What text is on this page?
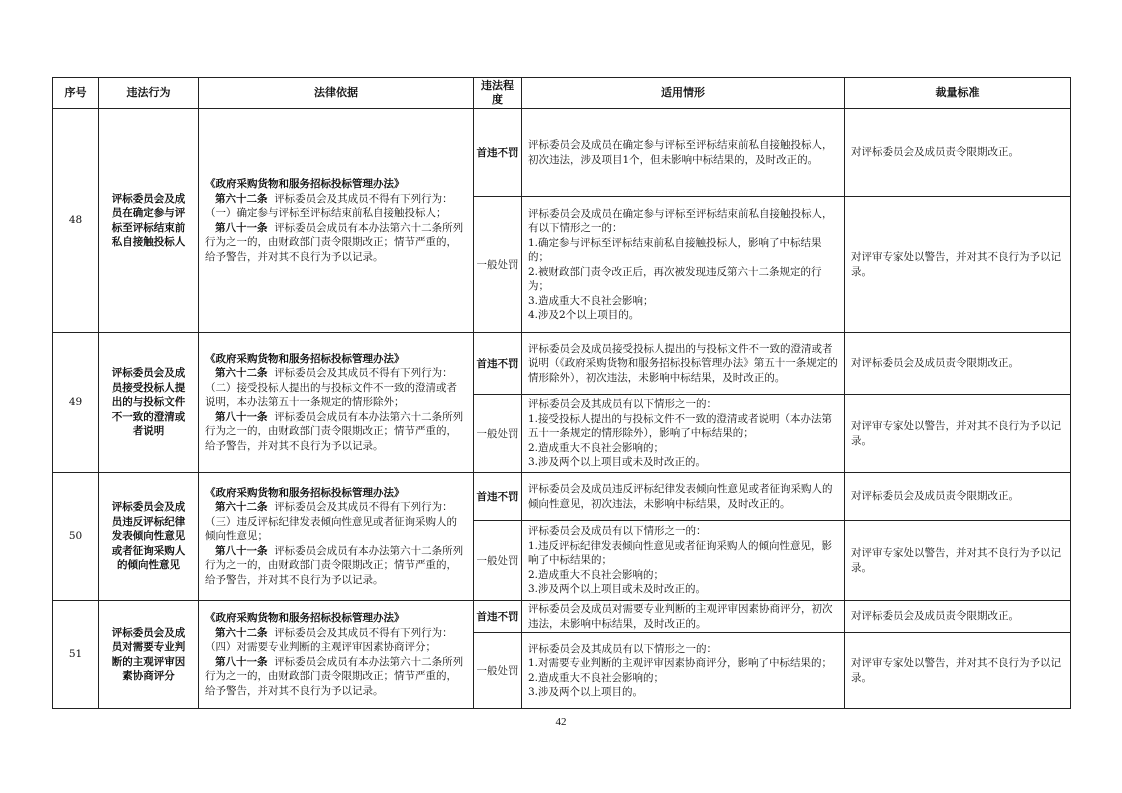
序号	违法行为	法律依据	违法程度	适用情形	裁量标准
48	评标委员会及成员在确定参与评标至评标结束前私自接触投标人	《政府采购货物和服务招标投标管理办法》
第六十二条 评标委员会及其成员不得有下列行为：
（一）确定参与评标至评标结束前私自接触投标人；
第八十一条 评标委员会成员有本办法第六十二条所列行为之一的，由财政部门责令限期改正；情节严重的，给予警告，并对其不良行为予以记录。	首违不罚	评标委员会及成员在确定参与评标至评标结束前私自接触投标人，初次违法，涉及项目1个，但未影响中标结果的，及时改正的。	对评标委员会及成员责令限期改正。
			一般处罚	评标委员会及成员在确定参与评标至评标结束前私自接触投标人，有以下情形之一的：
1.确定参与评标至评标结束前私自接触投标人，影响了中标结果的；
2.被财政部门责令改正后，再次被发现违反第六十二条规定的行为；
3.造成重大不良社会影响；
4.涉及2个以上项目的。	对评审专家处以警告，并对其不良行为予以记录。
49	评标委员会及成员接受投标人提出的与投标文件不一致的澄清或者说明	《政府采购货物和服务招标投标管理办法》
第六十二条 评标委员会及其成员不得有下列行为：
（二）接受投标人提出的与投标文件不一致的澄清或者说明，本办法第五十一条规定的情形除外；
第八十一条 评标委员会成员有本办法第六十二条所列行为之一的，由财政部门责令限期改正；情节严重的，给予警告，并对其不良行为予以记录。	首违不罚	评标委员会及成员接受投标人提出的与投标文件不一致的澄清或者说明（《政府采购货物和服务招标投标管理办法》第五十一条规定的情形除外），初次违法，未影响中标结果，及时改正的。	对评标委员会及成员责令限期改正。
			一般处罚	评标委员会及其成员有以下情形之一的：
1.接受投标人提出的与投标文件不一致的澄清或者说明（本办法第五十一条规定的情形除外），影响了中标结果的；
2.造成重大不良社会影响的；
3.涉及两个以上项目或未及时改正的。	对评审专家处以警告，并对其不良行为予以记录。
50	评标委员会及成员违反评标纪律发表倾向性意见或者征询采购人的倾向性意见	《政府采购货物和服务招标投标管理办法》
第六十二条 评标委员会及其成员不得有下列行为：
（三）违反评标纪律发表倾向性意见或者征询采购人的倾向性意见；
第八十一条 评标委员会成员有本办法第六十二条所列行为之一的，由财政部门责令限期改正；情节严重的，给予警告，并对其不良行为予以记录。	首违不罚	评标委员会及成员违反评标纪律发表倾向性意见或者征询采购人的倾向性意见，初次违法，未影响中标结果，及时改正的。	对评标委员会及成员责令限期改正。
			一般处罚	评标委员会及成员有以下情形之一的：
1.违反评标纪律发表倾向性意见或者征询采购人的倾向性意见，影响了中标结果的；
2.造成重大不良社会影响的；
3.涉及两个以上项目或未及时改正的。	对评审专家处以警告，并对其不良行为予以记录。
51	评标委员会及成员对需要专业判断的主观评审因素协商评分	《政府采购货物和服务招标投标管理办法》
第六十二条 评标委员会及其成员不得有下列行为：
（四）对需要专业判断的主观评审因素协商评分；
第八十一条 评标委员会成员有本办法第六十二条所列行为之一的，由财政部门责令限期改正；情节严重的，给予警告，并对其不良行为予以记录。	首违不罚	评标委员会及成员对需要专业判断的主观评审因素协商评分，初次违法，未影响中标结果，及时改正的。	对评标委员会及成员责令限期改正。
			一般处罚	评标委员会及其成员有以下情形之一的：
1.对需要专业判断的主观评审因素协商评分，影响了中标结果的；
2.造成重大不良社会影响的；
3.涉及两个以上项目的。	对评审专家处以警告，并对其不良行为予以记录。
42
